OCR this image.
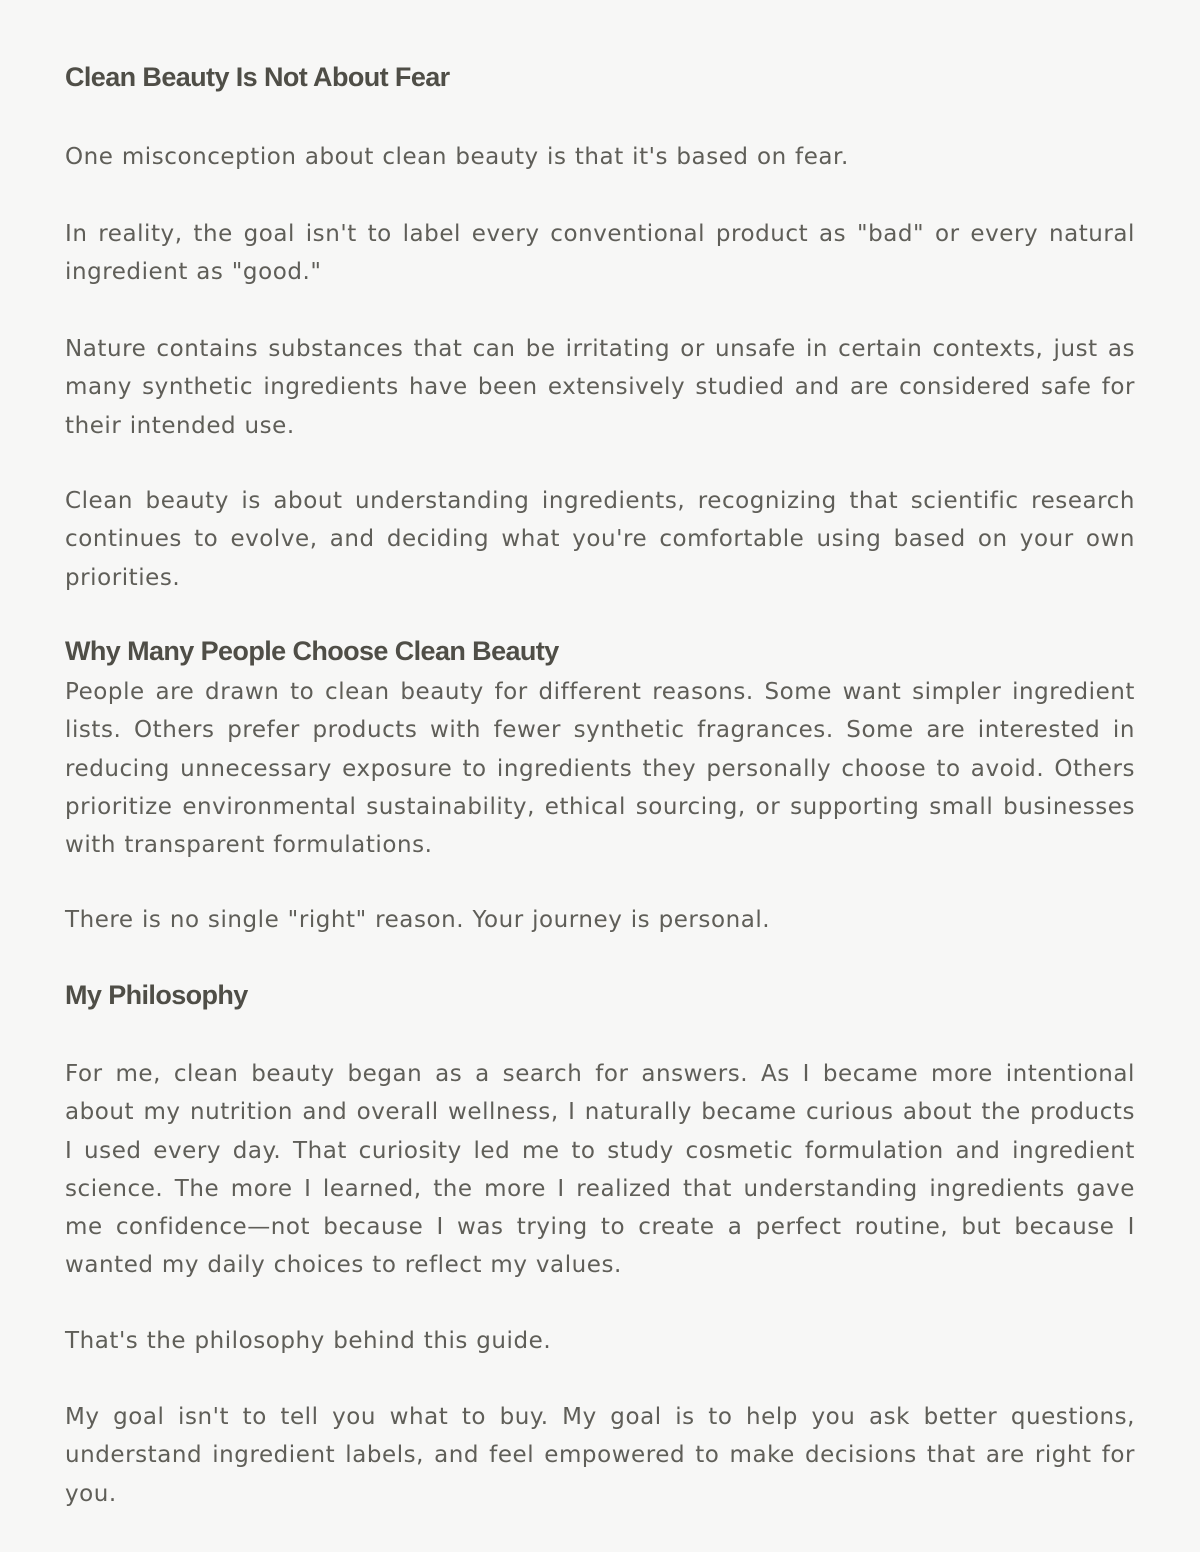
Clean Beauty Is Not About Fear

One misconception about clean beauty is that it's based on fear.

In reality, the goal isn't to label every conventional product as "bad" or every natural ingredient as "good."

Nature contains substances that can be irritating or unsafe in certain contexts, just as many synthetic ingredients have been extensively studied and are considered safe for their intended use.

Clean beauty is about understanding ingredients, recognizing that scientific research continues to evolve, and deciding what you're comfortable using based on your own priorities.

Why Many People Choose Clean Beauty

People are drawn to clean beauty for different reasons. Some want simpler ingredient lists. Others prefer products with fewer synthetic fragrances. Some are interested in reducing unnecessary exposure to ingredients they personally choose to avoid. Others prioritize environmental sustainability, ethical sourcing, or supporting small businesses with transparent formulations.

There is no single "right" reason. Your journey is personal.

My Philosophy

For me, clean beauty began as a search for answers. As I became more intentional about my nutrition and overall wellness, I naturally became curious about the products I used every day. That curiosity led me to study cosmetic formulation and ingredient science. The more I learned, the more I realized that understanding ingredients gave me confidence—not because I was trying to create a perfect routine, but because I wanted my daily choices to reflect my values.

That's the philosophy behind this guide.

My goal isn't to tell you what to buy. My goal is to help you ask better questions, understand ingredient labels, and feel empowered to make decisions that are right for you.
